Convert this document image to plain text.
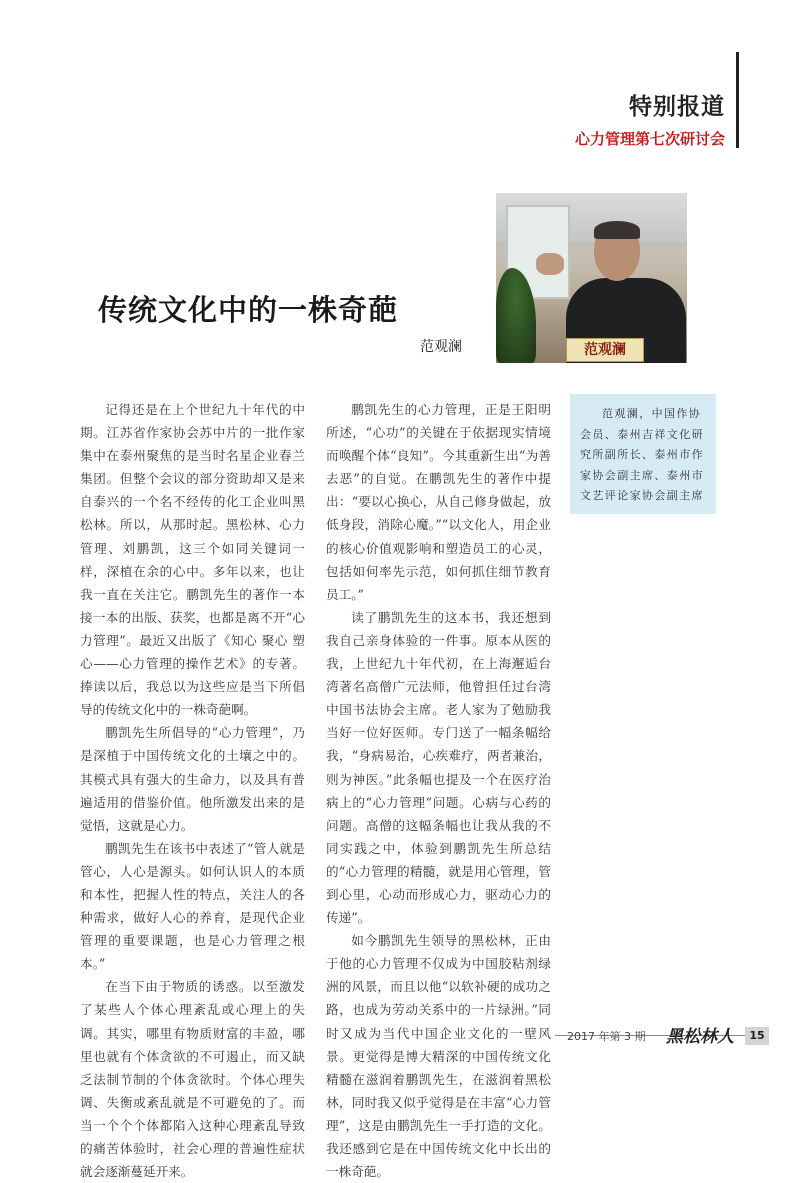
特别报道
心力管理第七次研讨会
范观澜
传统文化中的一株奇葩
范观澜

记得还是在上个世纪九十年代的中期。江苏省作家协会苏中片的一批作家集中在泰州聚焦的是当时名星企业春兰集团。但整个会议的部分资助却又是来自泰兴的一个名不经传的化工企业叫黑松林。所以，从那时起。黑松林、心力管理、刘鹏凯，这三个如同关键词一样，深植在余的心中。多年以来，也让我一直在关注它。鹏凯先生的著作一本接一本的出版、获奖，也都是离不开“心力管理”。最近又出版了《知心 聚心 塑心——心力管理的操作艺术》的专著。捧读以后，我总以为这些应是当下所倡导的传统文化中的一株奇葩啊。

鹏凯先生所倡导的“心力管理”，乃是深植于中国传统文化的土壤之中的。其模式具有强大的生命力，以及具有普遍适用的借鉴价值。他所激发出来的是觉悟，这就是心力。

鹏凯先生在该书中表述了“管人就是管心，人心是源头。如何认识人的本质和本性，把握人性的特点，关注人的各种需求，做好人心的养育，是现代企业管理的重要课题，也是心力管理之根本。”

在当下由于物质的诱惑。以至激发了某些人个体心理紊乱或心理上的失调。其实，哪里有物质财富的丰盈，哪里也就有个体贪欲的不可遏止，而又缺乏法制节制的个体贪欲时。个体心理失调、失衡或紊乱就是不可避免的了。而当一个个个体都陷入这种心理紊乱导致的痛苦体验时，社会心理的普遍性症状就会逐渐蔓延开来。

鹏凯先生的心力管理，正是王阳明所述，“心功”的关键在于依据现实情境而唤醒个体“良知”。今其重新生出“为善去恶”的自觉。在鹏凯先生的著作中提出：“要以心换心，从自己修身做起，放低身段，消除心魔。”“以文化人，用企业的核心价值观影响和塑造员工的心灵，包括如何率先示范，如何抓住细节教育员工。”

读了鹏凯先生的这本书，我还想到我自己亲身体验的一件事。原本从医的我，上世纪九十年代初，在上海邂逅台湾著名高僧广元法师，他曾担任过台湾中国书法协会主席。老人家为了勉励我当好一位好医师。专门送了一幅条幅给我，“身病易治，心疾难疗，两者兼治，则为神医。”此条幅也提及一个在医疗治病上的“心力管理”问题。心病与心药的问题。高僧的这幅条幅也让我从我的不同实践之中，体验到鹏凯先生所总结的“心力管理的精髓，就是用心管理，管到心里，心动而形成心力，驱动心力的传递”。

如今鹏凯先生领导的黑松林，正由于他的心力管理不仅成为中国胶粘剂绿洲的风景，而且以他“以软补硬的成功之路，也成为劳动关系中的一片绿洲。”同时又成为当代中国企业文化的一壁风景。更觉得是博大精深的中国传统文化精髓在滋润着鹏凯先生，在滋润着黑松林，同时我又似乎觉得是在丰富“心力管理”，这是由鹏凯先生一手打造的文化。我还感到它是在中国传统文化中长出的一株奇葩。

范观澜，中国作协会员、泰州吉祥文化研究所副所长、泰州市作家协会副主席、泰州市文艺评论家协会副主席
2017 年第 3 期 黑松林人	15
